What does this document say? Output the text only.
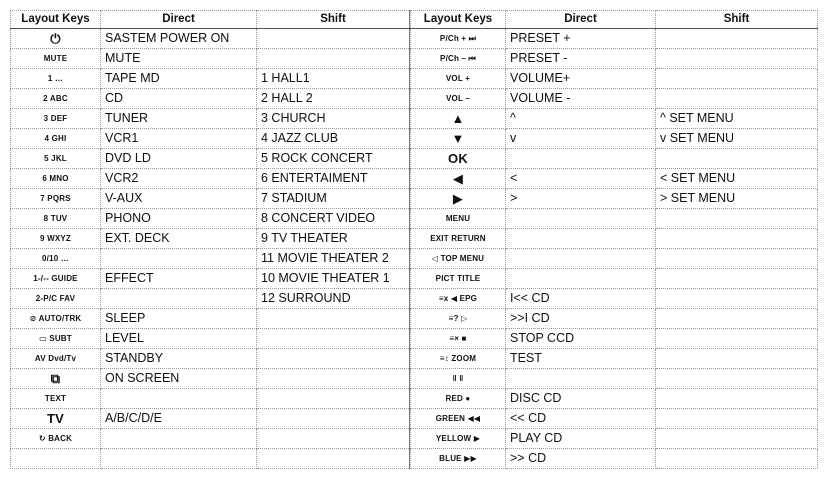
Layout Keys	Direct	Shift
⏻	SASTEM POWER ON	
MUTE	MUTE	
1 …	TAPE MD	1 HALL1
2 ABC	CD	2 HALL 2
3 DEF	TUNER	3 CHURCH
4 GHI	VCR1	4 JAZZ CLUB
5 JKL	DVD LD	5 ROCK CONCERT
6 MNO	VCR2	6 ENTERTAIMENT
7 PQRS	V-AUX	7 STADIUM
8 TUV	PHONO	8 CONCERT VIDEO
9 WXYZ	EXT. DECK	9 TV THEATER
0/10 …		11 MOVIE THEATER 2
1-/-- GUIDE	EFFECT	10 MOVIE THEATER 1
2-P/C FAV		12 SURROUND
⊘ AUTO/TRK	SLEEP	
▭ SUBT	LEVEL	
AV Dvd/Tv	STANDBY	
⧉	ON SCREEN	
TEXT		
TV	A/B/C/D/E	
↻ BACK		

Layout Keys	Direct	Shift
P/Ch + ⏭	PRESET +	
P/Ch – ⏮	PRESET -	
VOL +	VOLUME+	
VOL –	VOLUME -	
▲	^	^ SET MENU
▼	v	v SET MENU
OK		
◀	<	< SET MENU
▶	>	> SET MENU
MENU		
EXIT RETURN		
◁ TOP MENU		
PICT TITLE		
≡x ◀ EPG	I<< CD	
≡? ▷	>>I CD	
≡× ■	STOP CCD	
≡↕ ZOOM	TEST	
‖ ‖		
RED ●	DISC CD	
GREEN ◀◀	<< CD	
YELLOW ▶	PLAY CD	
BLUE ▶▶	>> CD	
